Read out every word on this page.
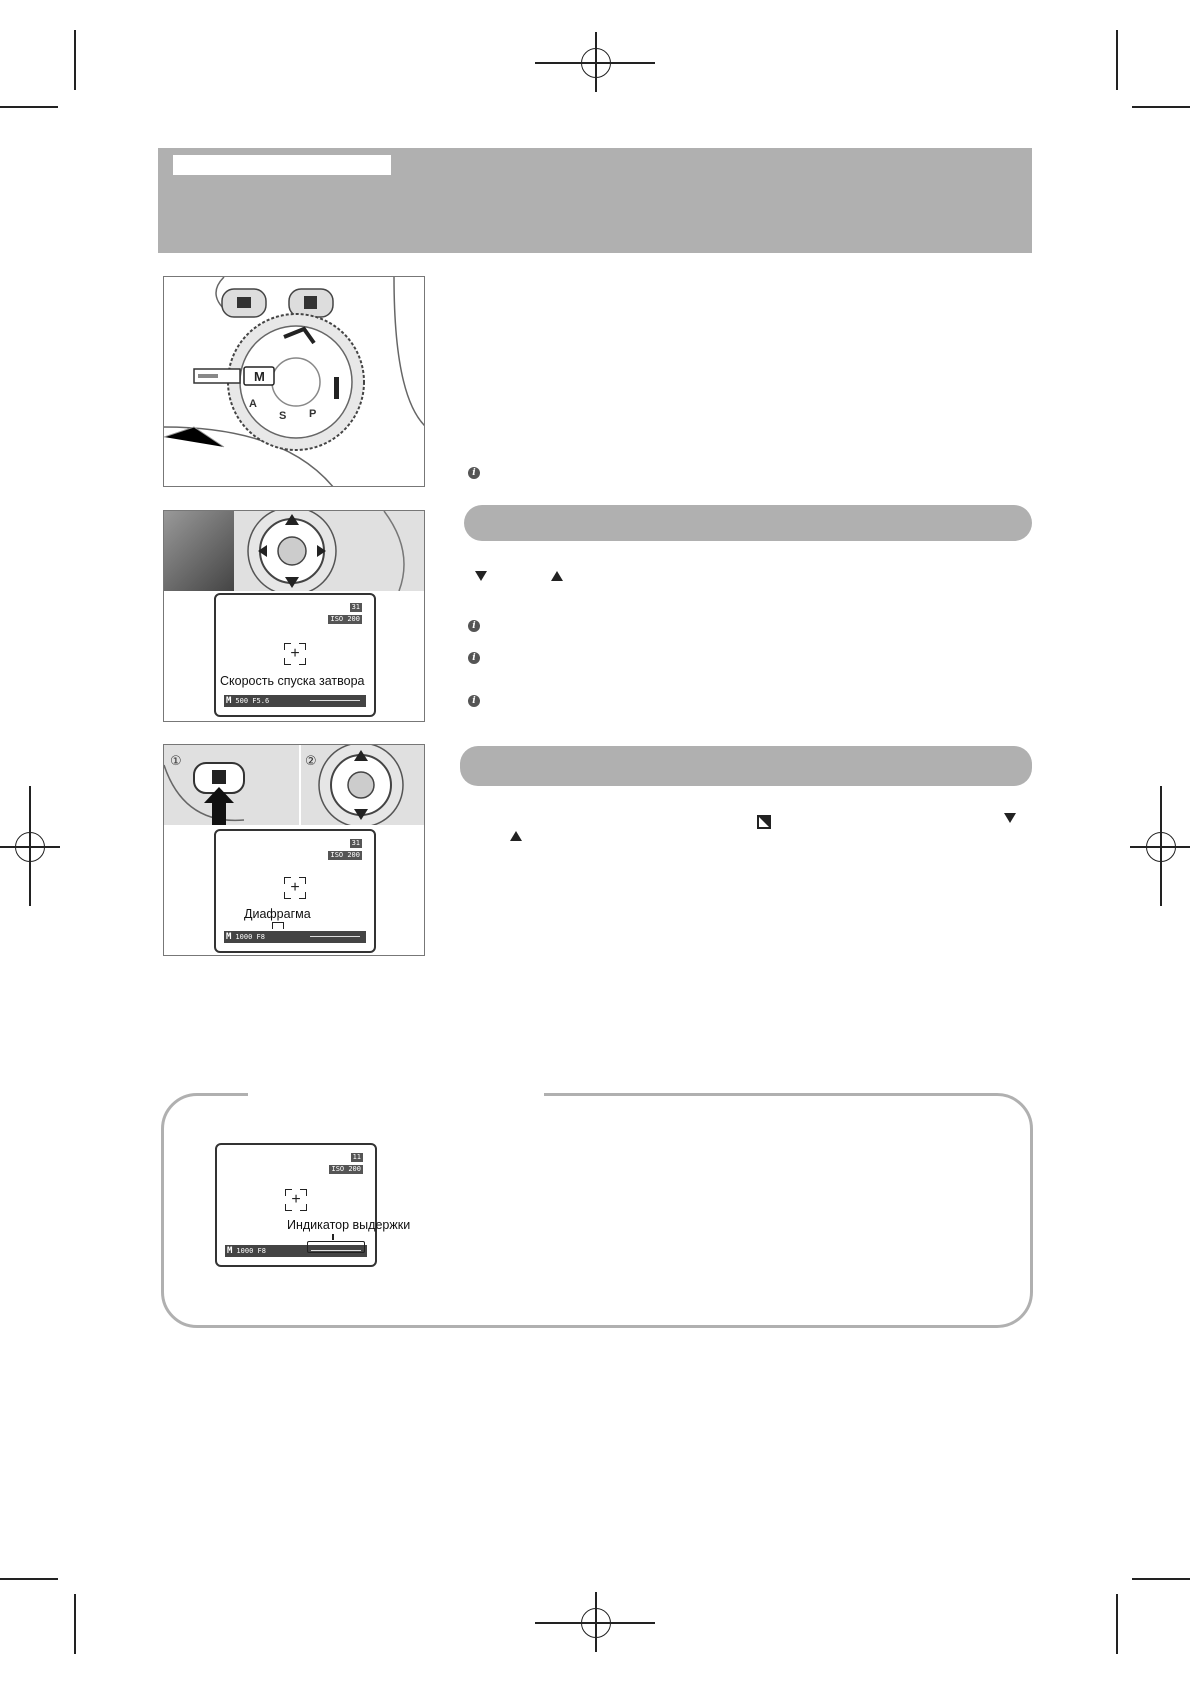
M
A
S P
31
ISO 200
+
M 500 F5.6
Скорость спуска затвора
①	②
31
ISO 200
+
M 1000 F8
Диафрагма
i
i
i
i
11
ISO 200
+
M 1000 F8
Индикатор выдержки
